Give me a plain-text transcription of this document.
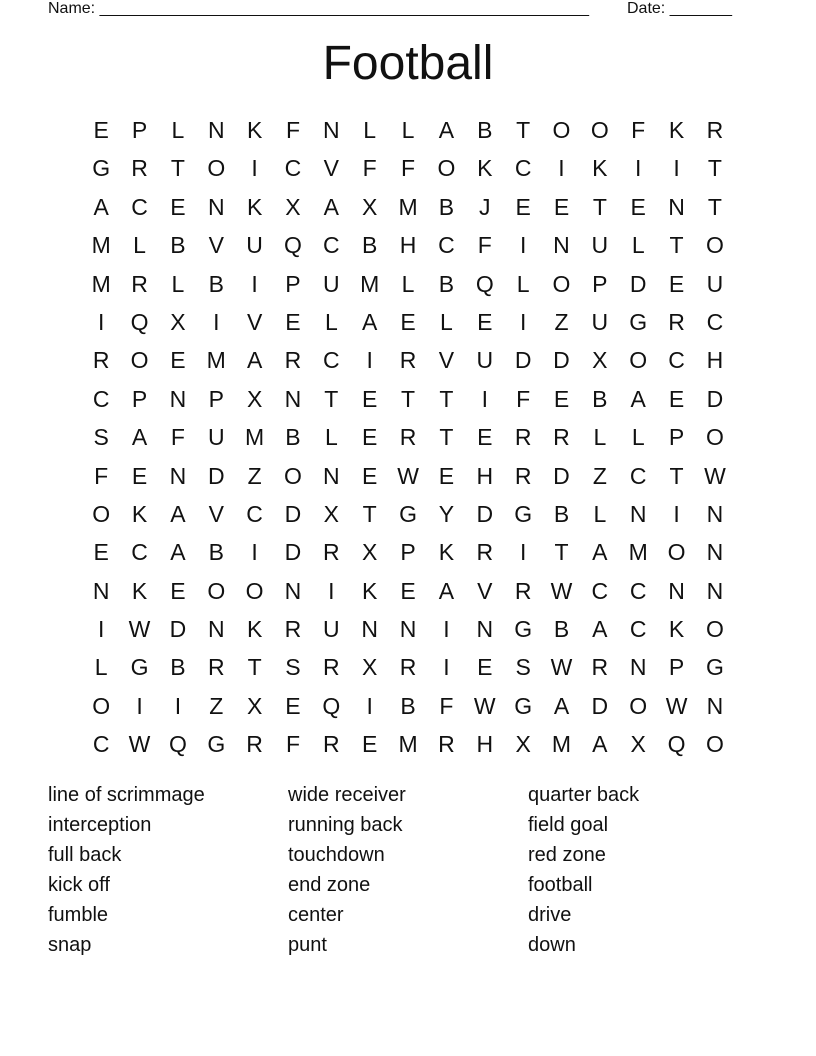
Name: _______________________________________________________ Date: _______
Football
E	P	L	N K	F	N	L	L	A	B	T O O F	K R
G R	T O	I	C V	F	F O K C	I	K	I	I	T
A C E N K	X	A	X M B	J	E	E	T	E N	T
M L	B	V U Q C B H C	F	I	N U	L	T O
M R	L	B	I	P U M L	B Q	L	O P D E U
I	Q X	I	V	E	L	A	E	L	E	I	Z	U G R C
R O E M A R C	I	R V U D D X O C H
C P N P	X N	T	E	T	T	I	F	E	B	A	E D
S	A	F	U M B	L	E R	T	E R R	L	L	P O
F	E N D	Z O N E W E H R D	Z	C	T W
O K	A	V C D X	T G Y D G B	L	N	I	N
E C A	B	I	D R X	P	K R	I	T	A M O N
N K	E O O N	I	K	E	A	V R W C C N N
I	W D N K R U N N	I	N G B	A C K O
L	G B R	T	S R X R	I	E	S W R N P G
O	I	I	Z	X	E Q	I	B	F W G A D O W N
C W Q G R	F	R E M R H X M A	X Q O
line of scrimmage
interception
full back
kick off
fumble
snap
wide receiver
running back
touchdown
end zone
center
punt
quarter back
field goal
red zone
football
drive
down
